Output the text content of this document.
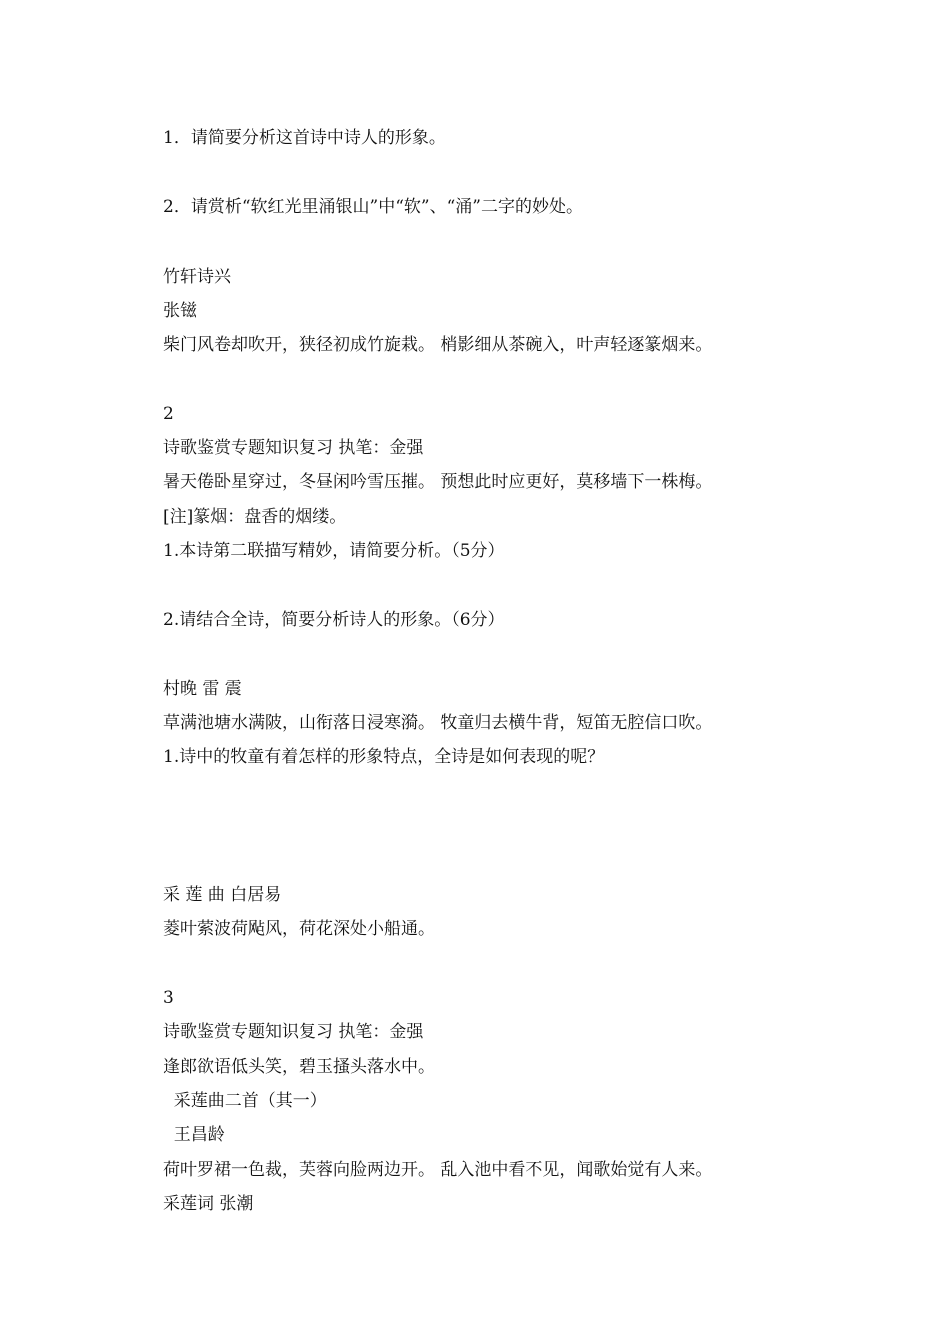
1．请简要分析这首诗中诗人的形象。

2．请赏析“软红光里涌银山”中“软”、“涌”二字的妙处。

竹轩诗兴

张镃

柴门风卷却吹开，狭径初成竹旋栽。 梢影细从茶碗入，叶声轻逐篆烟来。

2

诗歌鉴赏专题知识复习 执笔：金强

暑天倦卧星穿过，冬昼闲吟雪压摧。 预想此时应更好，莫移墙下一株梅。

[注]篆烟：盘香的烟缕。

1.本诗第二联描写精妙，请简要分析。（5分）

2.请结合全诗，简要分析诗人的形象。（6分）

村晚 雷 震

草满池塘水满陂，山衔落日浸寒漪。 牧童归去横牛背，短笛无腔信口吹。

1.诗中的牧童有着怎样的形象特点，全诗是如何表现的呢？

采 莲 曲 白居易

菱叶萦波荷飐风，荷花深处小船通。

3

诗歌鉴赏专题知识复习 执笔：金强

逢郎欲语低头笑，碧玉搔头落水中。

采莲曲二首（其一）

王昌龄

荷叶罗裙一色裁，芙蓉向脸两边开。 乱入池中看不见，闻歌始觉有人来。

采莲词 张潮
